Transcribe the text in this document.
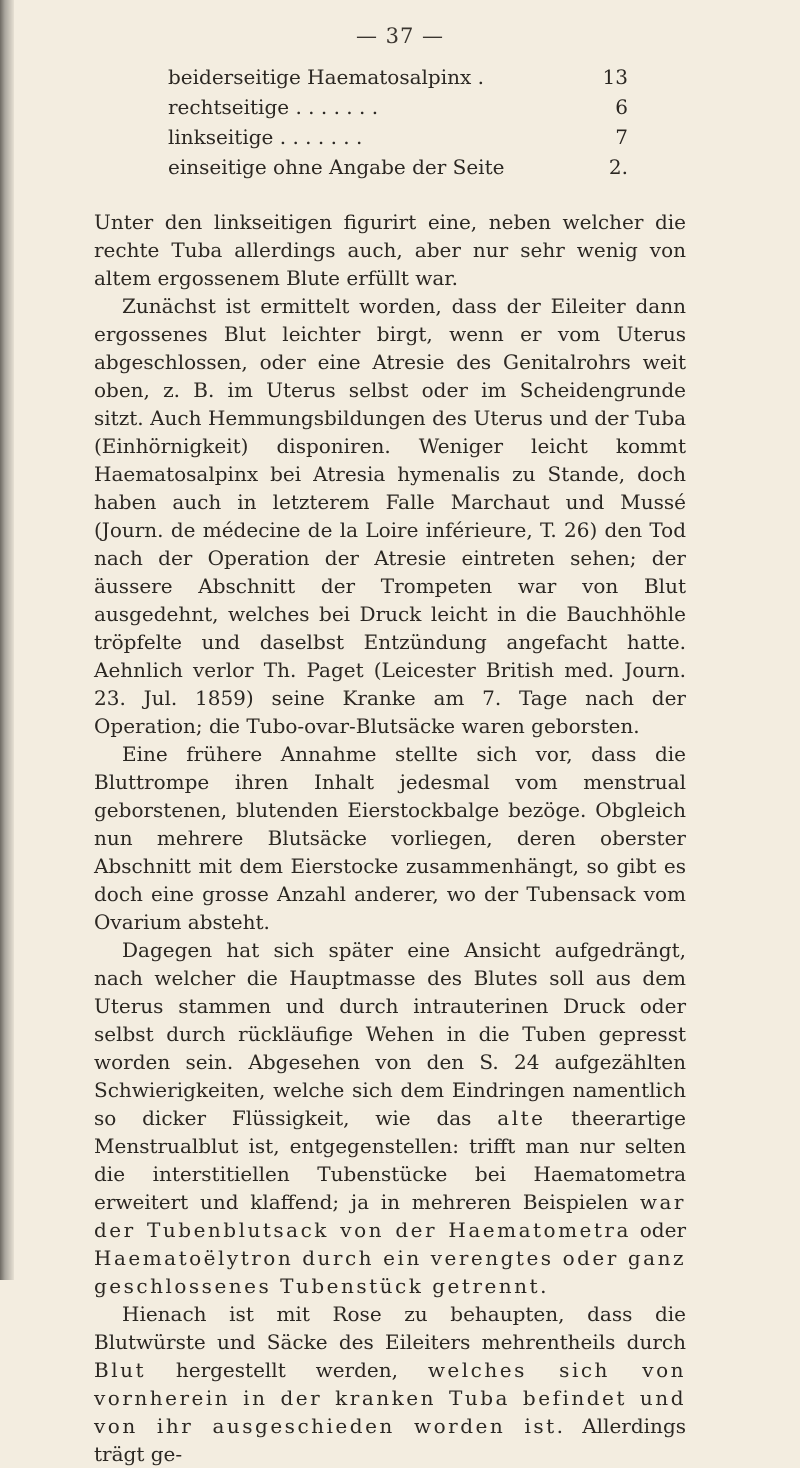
— 37 —
beiderseitige Haematosalpinx .	13
rechtseitige . . . . . . .	6
linkseitige . . . . . . .	7
einseitige ohne Angabe der Seite	2.

Unter den linkseitigen figurirt eine, neben welcher die rechte Tuba allerdings auch, aber nur sehr wenig von altem ergossenem Blute erfüllt war.

Zunächst ist ermittelt worden, dass der Eileiter dann ergossenes Blut leichter birgt, wenn er vom Uterus abgeschlossen, oder eine Atresie des Genitalrohrs weit oben, z. B. im Uterus selbst oder im Scheidengrunde sitzt. Auch Hemmungsbildungen des Uterus und der Tuba (Einhörnigkeit) disponiren. Weniger leicht kommt Haematosalpinx bei Atresia hymenalis zu Stande, doch haben auch in letzterem Falle Marchaut und Mussé (Journ. de médecine de la Loire inférieure, T. 26) den Tod nach der Operation der Atresie eintreten sehen; der äussere Abschnitt der Trompeten war von Blut ausgedehnt, welches bei Druck leicht in die Bauchhöhle tröpfelte und daselbst Entzündung angefacht hatte. Aehnlich verlor Th. Paget (Leicester British med. Journ. 23. Jul. 1859) seine Kranke am 7. Tage nach der Operation; die Tubo-ovar-Blutsäcke waren geborsten.

Eine frühere Annahme stellte sich vor, dass die Bluttrompe ihren Inhalt jedesmal vom menstrual geborstenen, blutenden Eierstockbalge bezöge. Obgleich nun mehrere Blutsäcke vorliegen, deren oberster Abschnitt mit dem Eierstocke zusammenhängt, so gibt es doch eine grosse Anzahl anderer, wo der Tubensack vom Ovarium absteht.

Dagegen hat sich später eine Ansicht aufgedrängt, nach welcher die Hauptmasse des Blutes soll aus dem Uterus stammen und durch intrauterinen Druck oder selbst durch rückläufige Wehen in die Tuben gepresst worden sein. Abgesehen von den S. 24 aufgezählten Schwierigkeiten, welche sich dem Eindringen namentlich so dicker Flüssigkeit, wie das alte theerartige Menstrualblut ist, entgegenstellen: trifft man nur selten die interstitiellen Tubenstücke bei Haematometra erweitert und klaffend; ja in mehreren Beispielen war der Tubenblutsack von der Haematometra oder Haematoëlytron durch ein verengtes oder ganz geschlossenes Tubenstück getrennt.

Hienach ist mit Rose zu behaupten, dass die Blutwürste und Säcke des Eileiters mehrentheils durch Blut hergestellt werden, welches sich von vornherein in der kranken Tuba befindet und von ihr ausgeschieden worden ist. Allerdings trägt ge-
